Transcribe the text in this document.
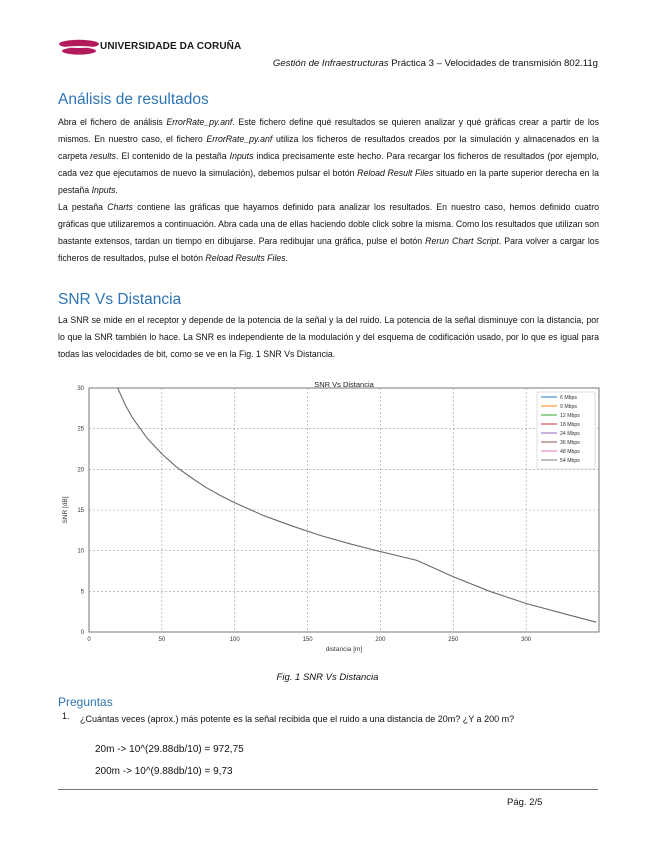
UNIVERSIDADE DA CORUÑA
Gestión de Infraestructuras Práctica 3 – Velocidades de transmisión 802.11g
Análisis de resultados
Abra el fichero de análisis ErrorRate_py.anf. Este fichero define qué resultados se quieren analizar y qué gráficas crear a partir de los mismos. En nuestro caso, el fichero ErrorRate_py.anf utiliza los ficheros de resultados creados por la simulación y almacenados en la carpeta results. El contenido de la pestaña Inputs indica precisamente este hecho. Para recargar los ficheros de resultados (por ejemplo, cada vez que ejecutamos de nuevo la simulación), debemos pulsar el botón Reload Result Files situado en la parte superior derecha en la pestaña Inputs.
La pestaña Charts contiene las gráficas que hayamos definido para analizar los resultados. En nuestro caso, hemos definido cuatro gráficas que utilizaremos a continuación. Abra cada una de ellas haciendo doble click sobre la misma. Como los resultados que utilizan son bastante extensos, tardan un tiempo en dibujarse. Para redibujar una gráfica, pulse el botón Rerun Chart Script. Para volver a cargar los ficheros de resultados, pulse el botón Reload Results Files.
SNR Vs Distancia
La SNR se mide en el receptor y depende de la potencia de la señal y la del ruido. La potencia de la señal disminuye con la distancia, por lo que la SNR también lo hace. La SNR es independiente de la modulación y del esquema de codificación usado, por lo que es igual para todas las velocidades de bit, como se ve en la Fig. 1 SNR Vs Distancia.
SNR Vs Distancia
distancia [m]
SNR [dB]
0	50	100	150	200	250	300
0
5
10
15
20
25
30
6 Mbps
9 Mbps
12 Mbps
18 Mbps
24 Mbps
36 Mbps
48 Mbps
54 Mbps
Fig. 1 SNR Vs Distancia
Preguntas
1. ¿Cuántas veces (aprox.) más potente es la señal recibida que el ruido a una distancia de 20m? ¿Y a 200 m?
20m -> 10^(29.88db/10) = 972,75
200m -> 10^(9.88db/10) = 9,73
Pág. 2/5
